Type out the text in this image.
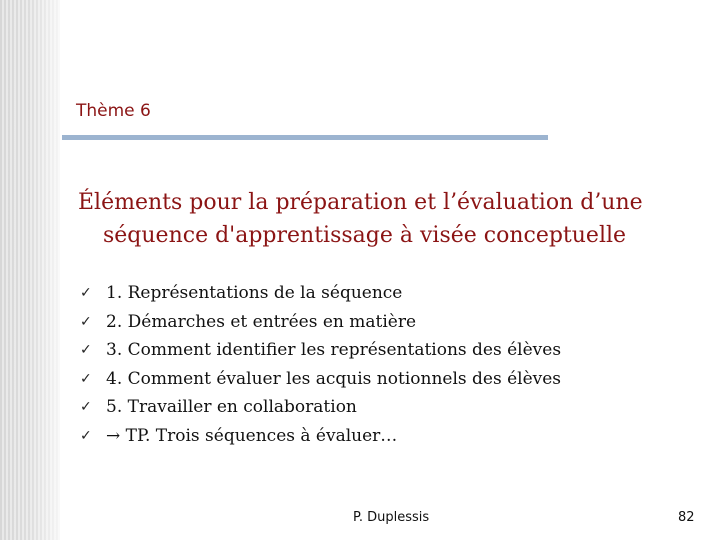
Thème 6
Éléments pour la préparation et l’évaluation d’une
séquence d'apprentissage à visée conceptuelle
✓ 1. Représentations de la séquence
✓ 2. Démarches et entrées en matière
✓ 3. Comment identifier les représentations des élèves
✓ 4. Comment évaluer les acquis notionnels des élèves
✓ 5. Travailler en collaboration
✓ → TP. Trois séquences à évaluer…
P. Duplessis	82
